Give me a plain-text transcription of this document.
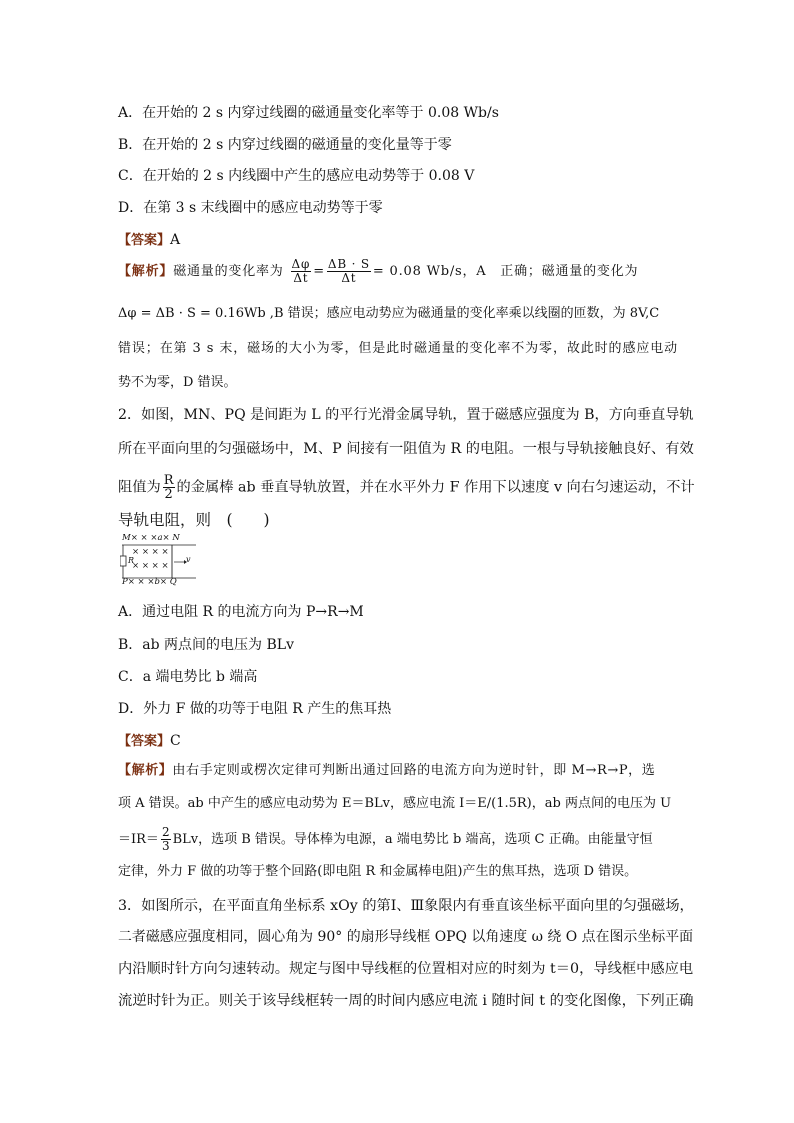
A．在开始的 2 s 内穿过线圈的磁通量变化率等于 0.08 Wb/s
B．在开始的 2 s 内穿过线圈的磁通量的变化量等于零
C．在开始的 2 s 内线圈中产生的感应电动势等于 0.08 V
D．在第 3 s 末线圈中的感应电动势等于零
【答案】A
【解析】磁通量的变化率为 $\frac{\Delta\varphi}{\Delta t} = \frac{\Delta B \cdot S}{\Delta t} = 0.08$ Wb/s，A　正确；磁通量的变化为
Δφ = ΔB · S = 0.16Wb ,B 错误；感应电动势应为磁通量的变化率乘以线圈的匝数，为 8V,C
错误；在第 3 s 末，磁场的大小为零，但是此时磁通量的变化率不为零，故此时的感应电动
势不为零，D 错误。
2．如图，MN、PQ 是间距为 L 的平行光滑金属导轨，置于磁感应强度为 B，方向垂直导轨
所在平面向里的匀强磁场中，M、P 间接有一阻值为 R 的电阻。一根与导轨接触良好、有效
阻值为 $\frac{R}{2}$ 的金属棒 ab 垂直导轨放置，并在水平外力 F 作用下以速度 v 向右匀速运动，不计
导轨电阻，则　(　　)
M× × ×a× N
× × × ×
× × × ×
R	v
P× × ×b× Q
A．通过电阻 R 的电流方向为 P→R→M
B．ab 两点间的电压为 BLv
C．a 端电势比 b 端高
D．外力 F 做的功等于电阻 R 产生的焦耳热
【答案】C
【解析】由右手定则或楞次定律可判断出通过回路的电流方向为逆时针，即 M→R→P，选
项 A 错误。ab 中产生的感应电动势为 E＝BLv，感应电流 I＝E/(1.5R)，ab 两点间的电压为 U
$=IR= \frac{2}{3}$ BLv，选项 B 错误。导体棒为电源，a 端电势比 b 端高，选项 C 正确。由能量守恒
定律，外力 F 做的功等于整个回路(即电阻 R 和金属棒电阻)产生的焦耳热，选项 D 错误。
3．如图所示，在平面直角坐标系 xOy 的第Ⅰ、Ⅲ象限内有垂直该坐标平面向里的匀强磁场，
二者磁感应强度相同，圆心角为 90° 的扇形导线框 OPQ 以角速度 ω 绕 O 点在图示坐标平面
内沿顺时针方向匀速转动。规定与图中导线框的位置相对应的时刻为 t＝0，导线框中感应电
流逆时针为正。则关于该导线框转一周的时间内感应电流 i 随时间 t 的变化图像，下列正确
